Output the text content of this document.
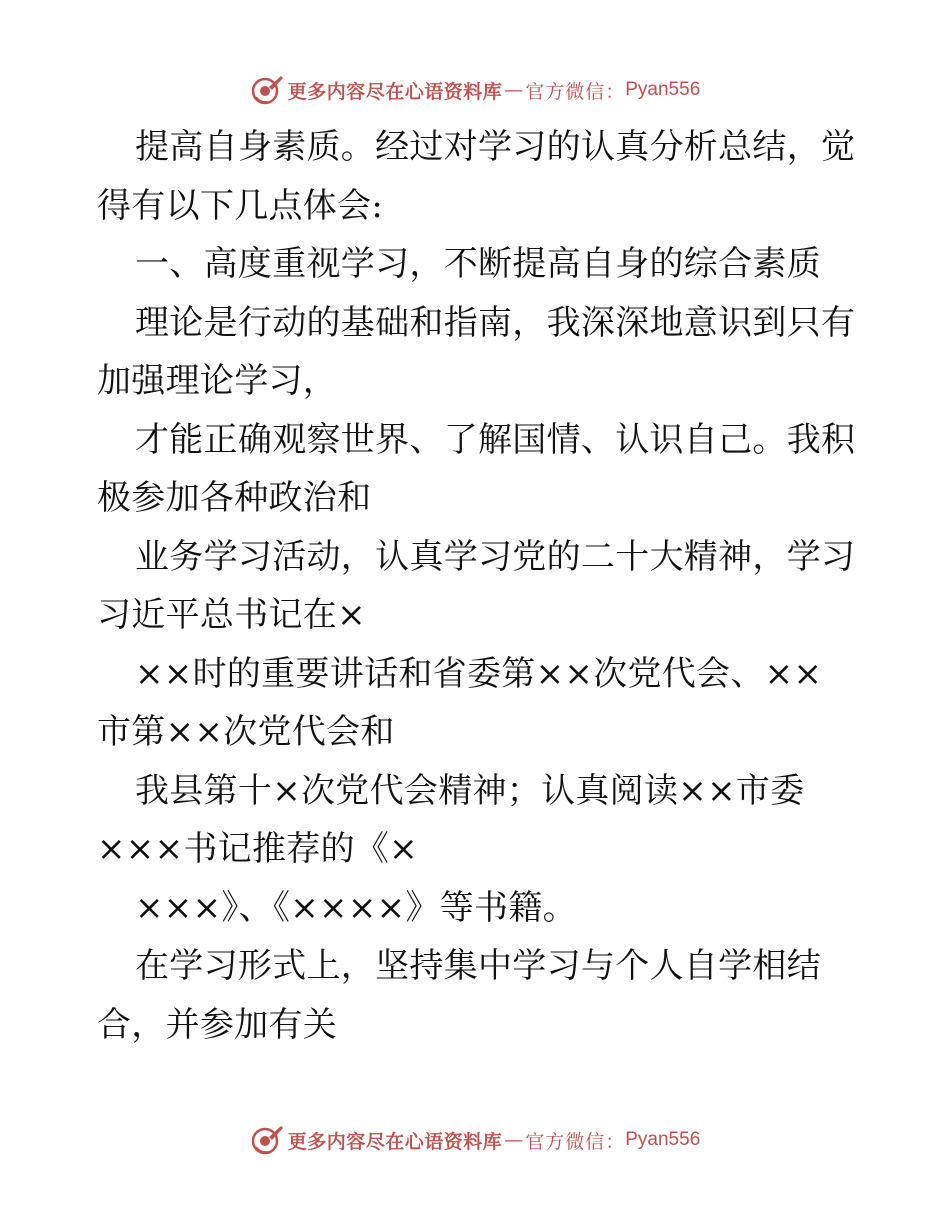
更多内容尽在心语资料库 — 官方微信： Pyan556
提高自身素质。经过对学习的认真分析总结，觉
得有以下几点体会:
一、高度重视学习，不断提高自身的综合素质
理论是行动的基础和指南，我深深地意识到只有
加强理论学习，
才能正确观察世界、了解国情、认识自己。我积
极参加各种政治和
业务学习活动，认真学习党的二十大精神，学习
习近平总书记在×
××时的重要讲话和省委第××次党代会、××
市第××次党代会和
我县第十×次党代会精神；认真阅读××市委
×××书记推荐的《×
×××》、《××××》等书籍。
在学习形式上，坚持集中学习与个人自学相结
合，并参加有关
更多内容尽在心语资料库 — 官方微信： Pyan556
